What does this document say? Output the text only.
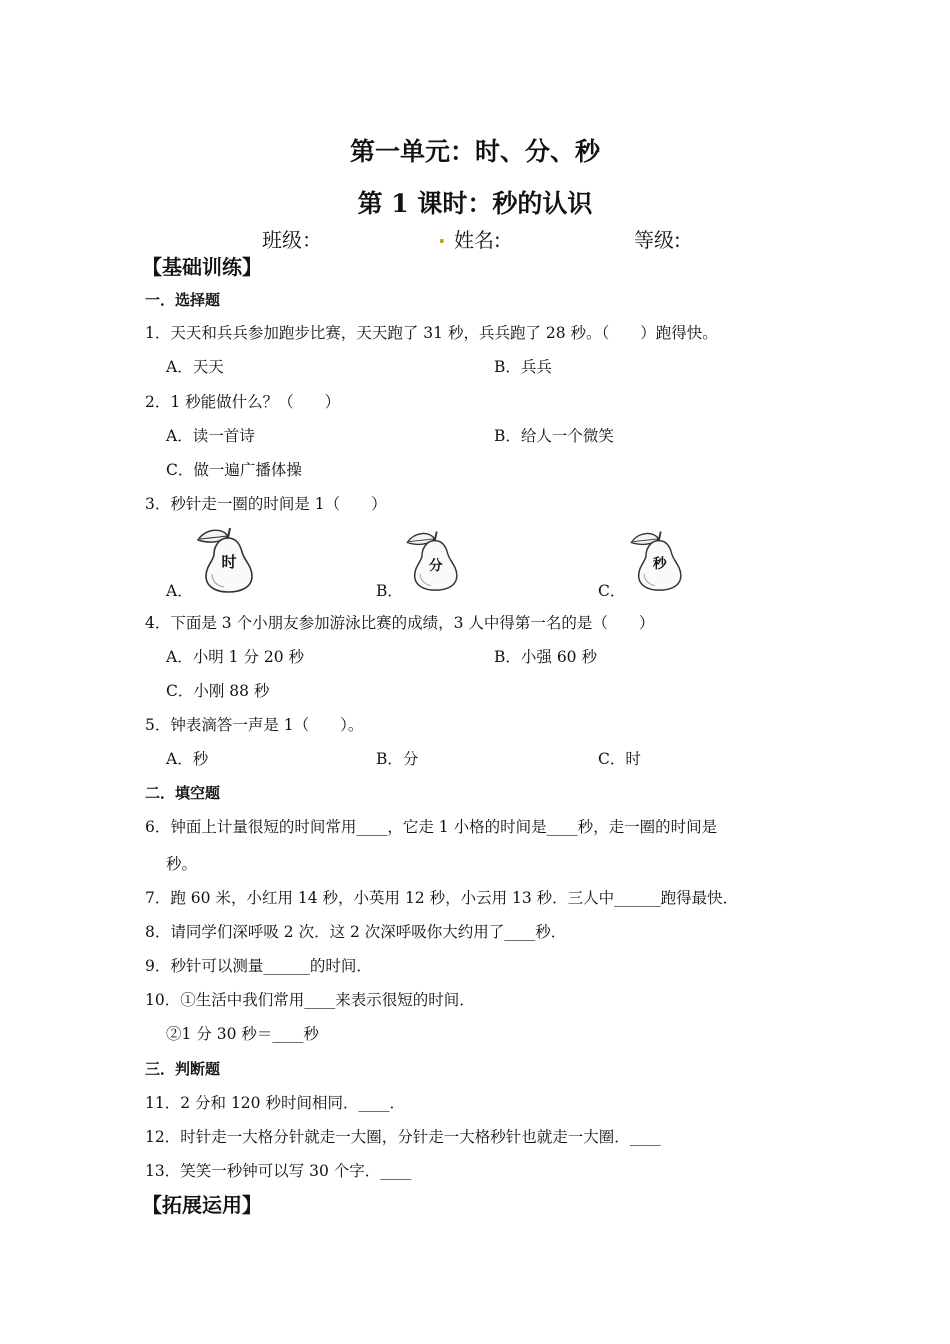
第一单元：时、分、秒
第 1 课时：秒的认识
班级：	. 姓名:	等级:
【基础训练】
一．选择题
1．天天和兵兵参加跑步比赛，天天跑了 31 秒，兵兵跑了 28 秒。（　　）跑得快。
A．天天	B．兵兵
2．1 秒能做什么？（　　）
A．读一首诗	B．给人一个微笑
C．做一遍广播体操
3．秒针走一圈的时间是 1（　　）
A．	B．	C．
时	分	秒
4．下面是 3 个小朋友参加游泳比赛的成绩，3 人中得第一名的是（　　）
A．小明 1 分 20 秒	B．小强 60 秒
C．小刚 88 秒
5．钟表滴答一声是 1（　　）。
A．秒	B．分	C．时
二．填空题
6．钟面上计量很短的时间常用____，它走 1 小格的时间是____秒，走一圈的时间是
秒。
7．跑 60 米，小红用 14 秒，小英用 12 秒，小云用 13 秒．三人中______跑得最快．
8．请同学们深呼吸 2 次．这 2 次深呼吸你大约用了____秒．
9．秒针可以测量______的时间．
10．①生活中我们常用____来表示很短的时间．
②1 分 30 秒＝____秒
三．判断题
11．2 分和 120 秒时间相同．____．
12．时针走一大格分针就走一大圈，分针走一大格秒针也就走一大圈．____
13．笑笑一秒钟可以写 30 个字．____
【拓展运用】
